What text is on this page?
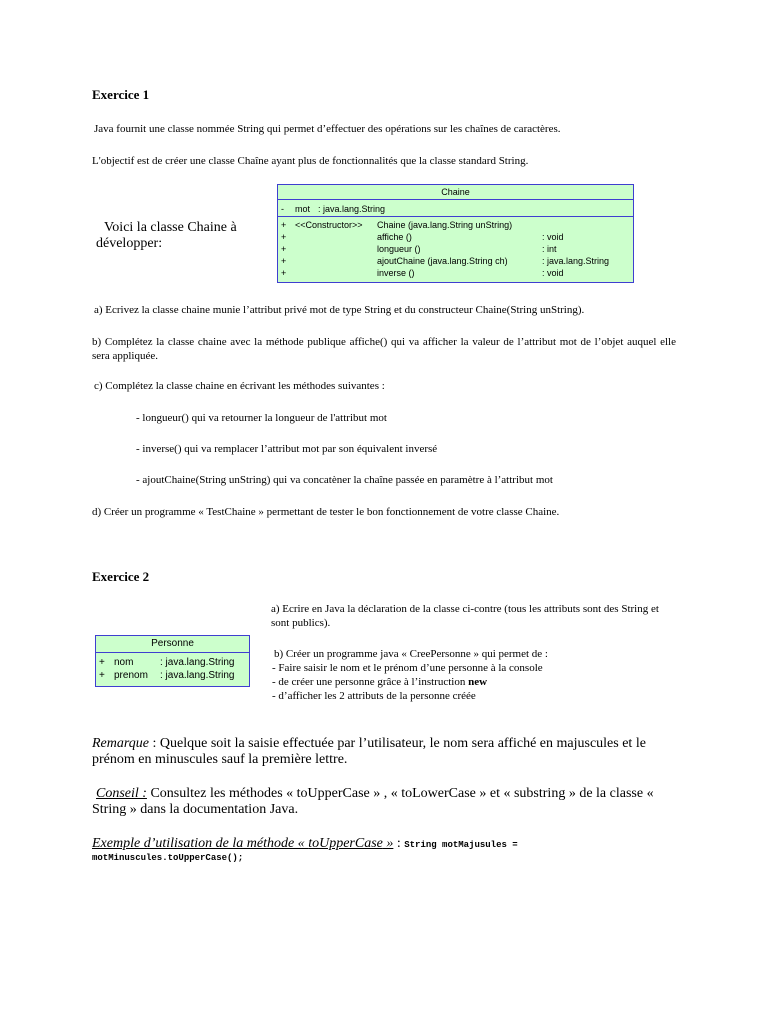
Exercice 1
Java fournit une classe nommée String qui permet d’effectuer des opérations sur les chaînes de caractères.
L'objectif est de créer une classe Chaîne ayant plus de fonctionnalités que la classe standard String.
Voici la classe Chaine à
développer:
Chaine
- mot : java.lang.String
+ <<Constructor>> Chaine (java.lang.String unString)
+	affiche ()	: void
+	longueur ()	: int
+	ajoutChaine (java.lang.String ch)	: java.lang.String
+	inverse ()	: void
a) Ecrivez la classe chaine munie l’attribut privé mot de type String et du constructeur Chaine(String unString).
b) Complétez la classe chaine avec la méthode publique affiche() qui va afficher la valeur de l’attribut mot de l’objet auquel elle sera appliquée.
c) Complétez la classe chaine en écrivant les méthodes suivantes :
- longueur() qui va retourner la longueur de l'attribut mot
- inverse() qui va remplacer l’attribut mot par son équivalent inversé
- ajoutChaine(String unString) qui va concatèner la chaîne passée en paramètre à l’attribut mot
d) Créer un programme « TestChaine » permettant de tester le bon fonctionnement de votre classe Chaine.
Exercice 2
a) Ecrire en Java la déclaration de la classe ci-contre (tous les attributs sont des String et sont publics).
b) Créer un programme java « CreePersonne » qui permet de :
- Faire saisir le nom et le prénom d’une personne à la console
- de créer une personne grâce à l’instruction new
- d’afficher les 2 attributs de la personne créée
Personne
+ nom	: java.lang.String
+ prenom : java.lang.String
Remarque : Quelque soit la saisie effectuée par l’utilisateur, le nom sera affiché en majuscules et le prénom en minuscules sauf la première lettre.
Conseil : Consultez les méthodes « toUpperCase » , « toLowerCase » et « substring » de la classe « String » dans la documentation Java.
Exemple d’utilisation de la méthode « toUpperCase » : String motMajusules =
motMinuscules.toUpperCase();
